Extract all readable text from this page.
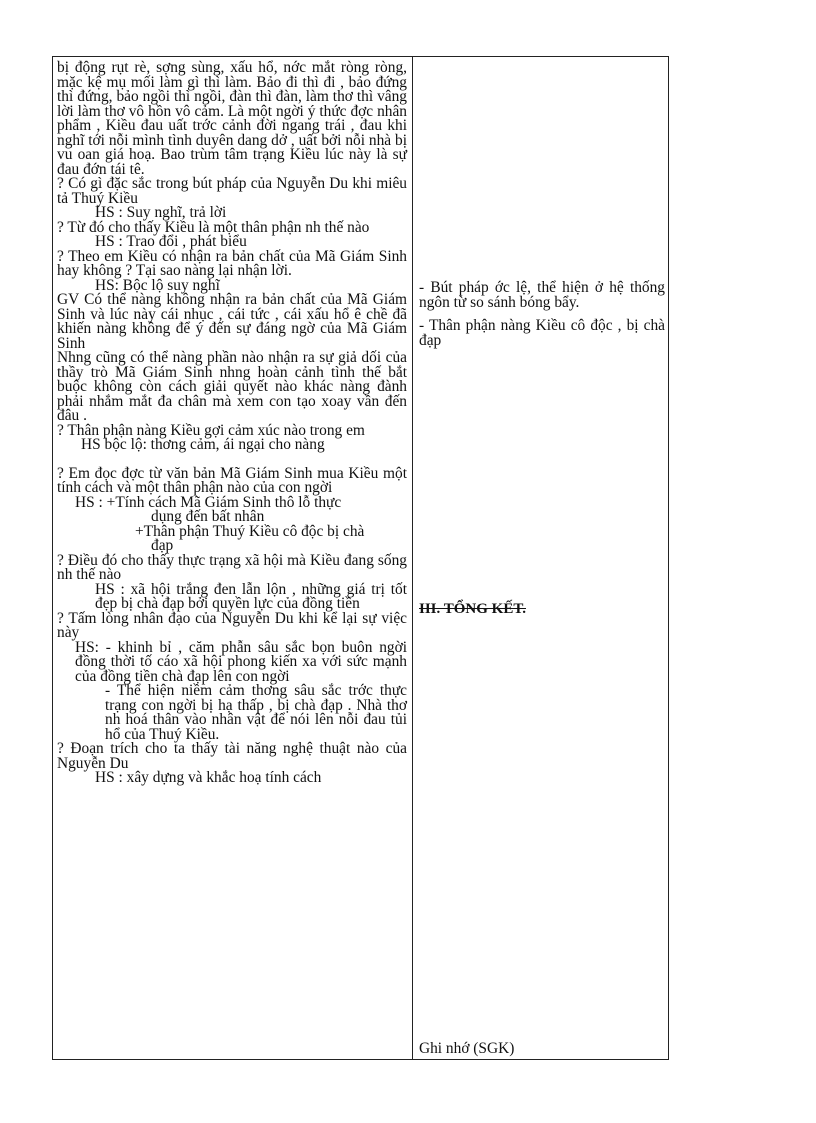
bị động rụt rè, sợng sùng, xấu hổ, nớc mắt ròng ròng, mặc kệ mụ mối làm gì thì làm. Bảo đi thì đi , bảo đứng thì đứng, bảo ngồi thì ngồi, đàn thì đàn, làm thơ thì vâng lời làm thơ vô hồn vô cảm. Là một ngời ý thức đợc nhân phẩm , Kiều đau uất trớc cảnh đời ngang trái , đau khi nghĩ tới nỗi mình tình duyên dang dở , uất bởi nỗi nhà bị vu oan giá hoạ. Bao trùm tâm trạng Kiều lúc này là sự đau đớn tái tê.

? Có gì đặc sắc trong bút pháp của Nguyễn Du khi miêu tả Thuý Kiều

HS : Suy nghĩ, trả lời

? Từ đó cho thấy Kiều là một thân phận nh thế nào

HS : Trao đổi , phát biểu

? Theo em Kiều có nhận ra bản chất của Mã Giám Sinh hay không ? Tại sao nàng lại nhận lời.

HS: Bộc lộ suy nghĩ

GV Có thể nàng không nhận ra bản chất của Mã Giám Sinh và lúc này cái nhục , cái tức , cái xấu hổ ê chề đã khiến nàng không để ý đến sự đáng ngờ của Mã Giám Sinh

Nhng cũng có thể nàng phần nào nhận ra sự giả dối của thầy trò Mã Giám Sinh nhng hoàn cảnh tình thế bắt buộc không còn cách giải quyết nào khác nàng đành phải nhắm mắt đa chân mà xem con tạo xoay vần đến đâu .

? Thân phận nàng Kiều gợi cảm xúc nào trong em

HS bộc lộ: thơng cảm, ái ngại cho nàng

? Em đọc đợc từ văn bản Mã Giám Sinh mua Kiều một tính cách và một thân phận nào của con ngời

HS : +Tính cách Mã Giám Sinh thô lỗ thực

dụng đến bất nhân

+Thân phận Thuý Kiều cô độc bị chà

đạp

? Điều đó cho thấy thực trạng xã hội mà Kiều đang sống nh thế nào

HS : xã hội trắng đen lẫn lộn , những giá trị tốt đẹp bị chà đạp bởi quyền lực của đồng tiền

? Tấm lòng nhân đạo của Nguyễn Du khi kể lại sự việc này

HS: - khinh bỉ , căm phẫn sâu sắc bọn buôn ngời đồng thời tố cáo xã hội phong kiến xa với sức mạnh của đồng tiền chà đạp lên con ngời

- Thể hiện niềm cảm thơng sâu sắc trớc thực trạng con ngời bị hạ thấp , bị chà đạp . Nhà thơ nh hoá thân vào nhân vật để nói lên nỗi đau tủi hổ của Thuý Kiều.

? Đoạn trích cho ta thấy tài năng nghệ thuật nào của Nguyễn Du

HS : xây dựng và khắc hoạ tính cách

- Bút pháp ớc lệ, thể hiện ở hệ thống ngôn từ so sánh bóng bẩy.

- Thân phận nàng Kiều cô độc , bị chà đạp

III. TỔNG KẾT.
Ghi nhớ (SGK)
